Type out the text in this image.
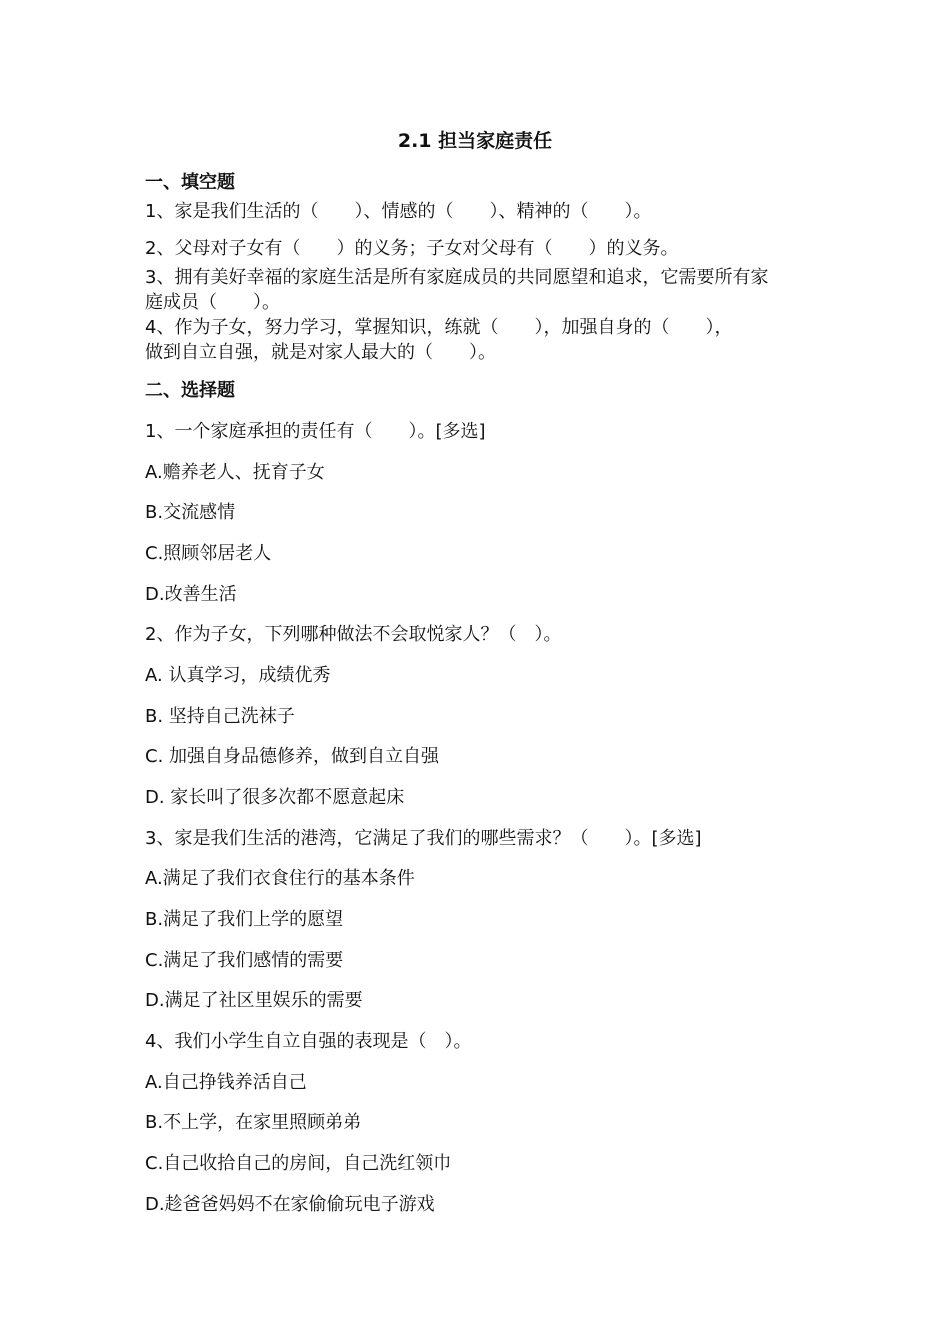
2.1 担当家庭责任
一、填空题
1、家是我们生活的（　　）、情感的（　　）、精神的（　　）。
2、父母对子女有（　　）的义务；子女对父母有（　　）的义务。
3、拥有美好幸福的家庭生活是所有家庭成员的共同愿望和追求，它需要所有家
庭成员（　　）。
4、作为子女，努力学习，掌握知识，练就（　　），加强自身的（　　），
做到自立自强，就是对家人最大的（　　）。
二、选择题
1、一个家庭承担的责任有（　　）。[多选]
A.赡养老人、抚育子女
B.交流感情
C.照顾邻居老人
D.改善生活
2、作为子女，下列哪种做法不会取悦家人？（　）。
A. 认真学习，成绩优秀
B. 坚持自己洗袜子
C. 加强自身品德修养，做到自立自强
D. 家长叫了很多次都不愿意起床
3、家是我们生活的港湾，它满足了我们的哪些需求？（　　）。[多选]
A.满足了我们衣食住行的基本条件
B.满足了我们上学的愿望
C.满足了我们感情的需要
D.满足了社区里娱乐的需要
4、我们小学生自立自强的表现是（　）。
A.自己挣钱养活自己
B.不上学，在家里照顾弟弟
C.自己收拾自己的房间，自己洗红领巾
D.趁爸爸妈妈不在家偷偷玩电子游戏
